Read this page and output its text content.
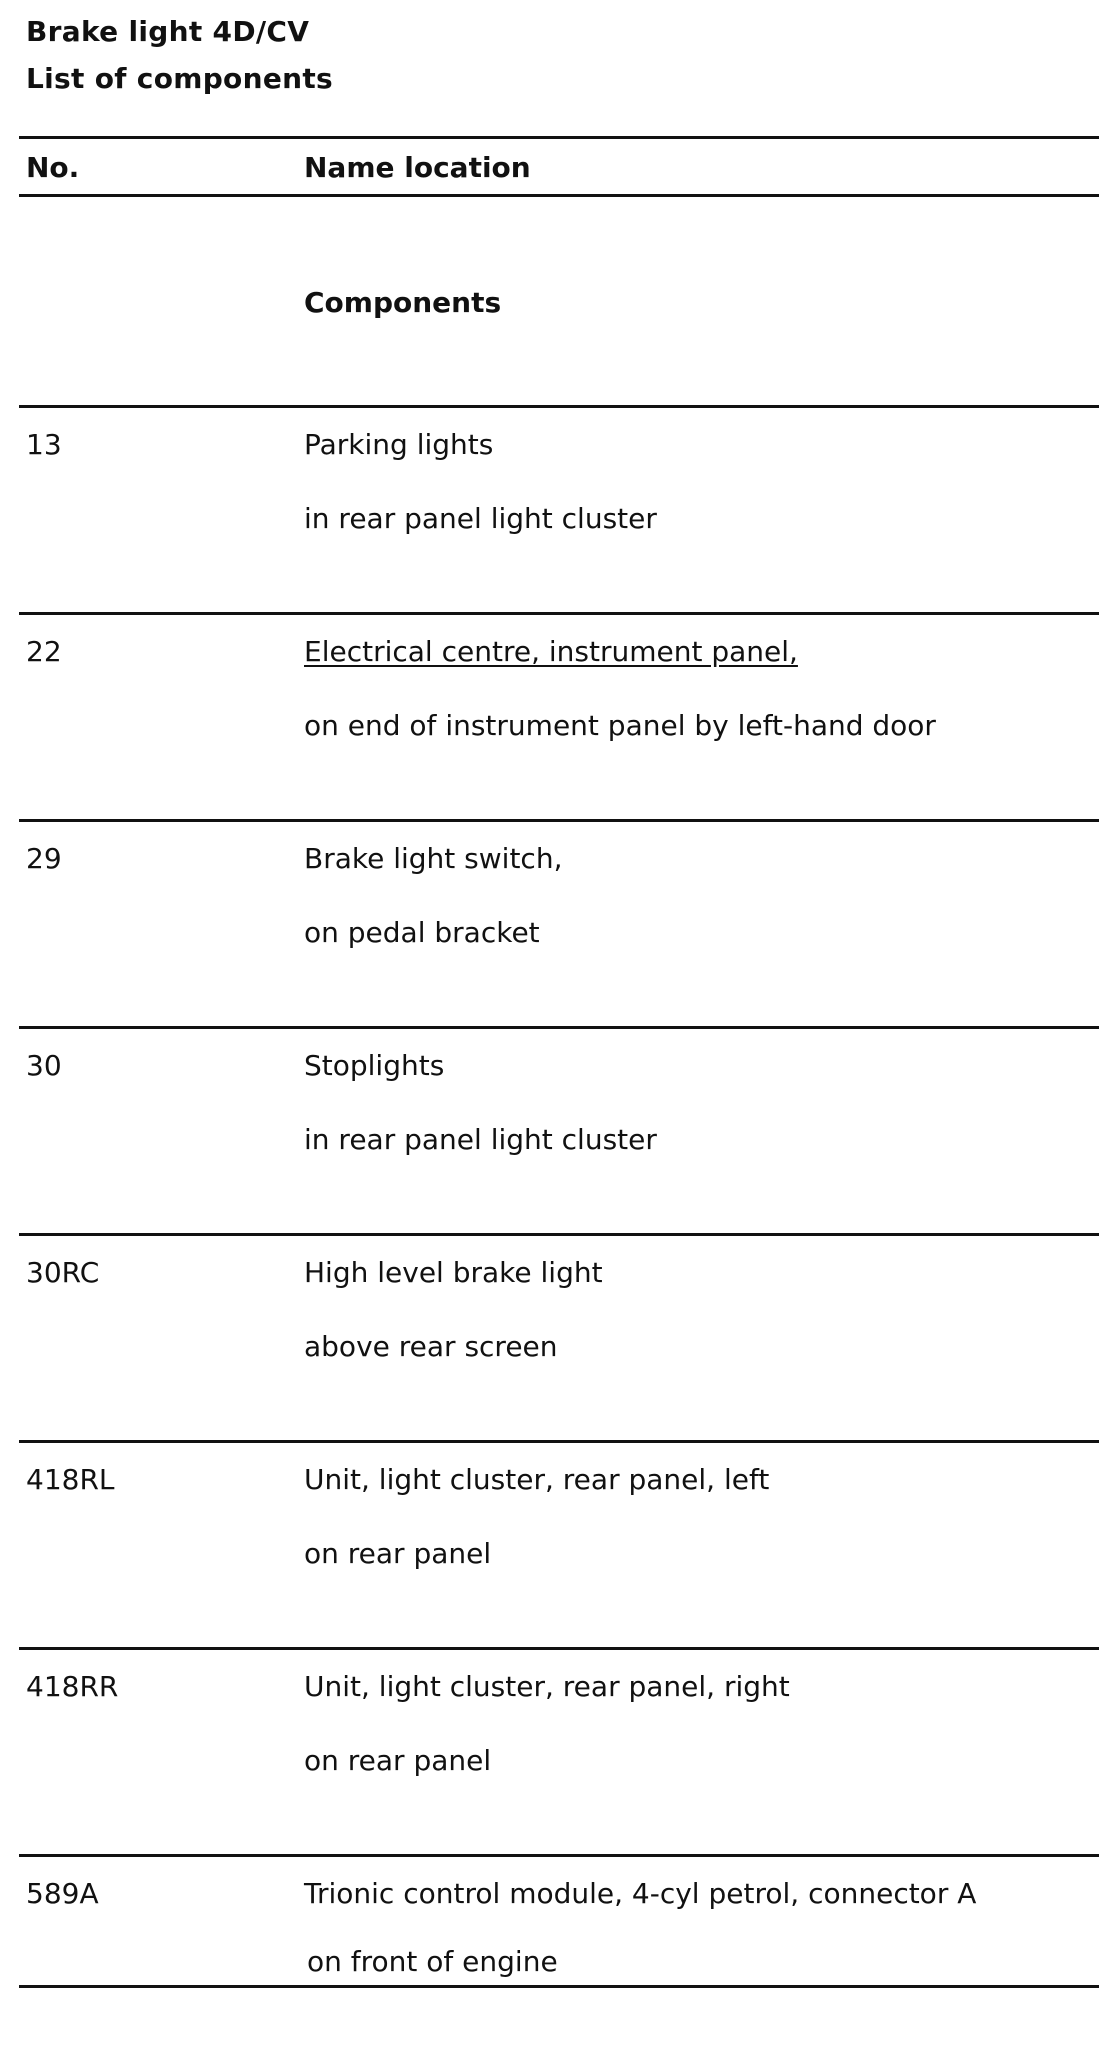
Brake light 4D/CV
List of components
No.	Name location
Components
13	Parking lights
in rear panel light cluster
22	Electrical centre, instrument panel,
on end of instrument panel by left-hand door
29	Brake light switch,
on pedal bracket
30	Stoplights
in rear panel light cluster
30RC	High level brake light
above rear screen
418RL	Unit, light cluster, rear panel, left
on rear panel
418RR	Unit, light cluster, rear panel, right
on rear panel
589A	Trionic control module, 4-cyl petrol, connector A
on front of engine
